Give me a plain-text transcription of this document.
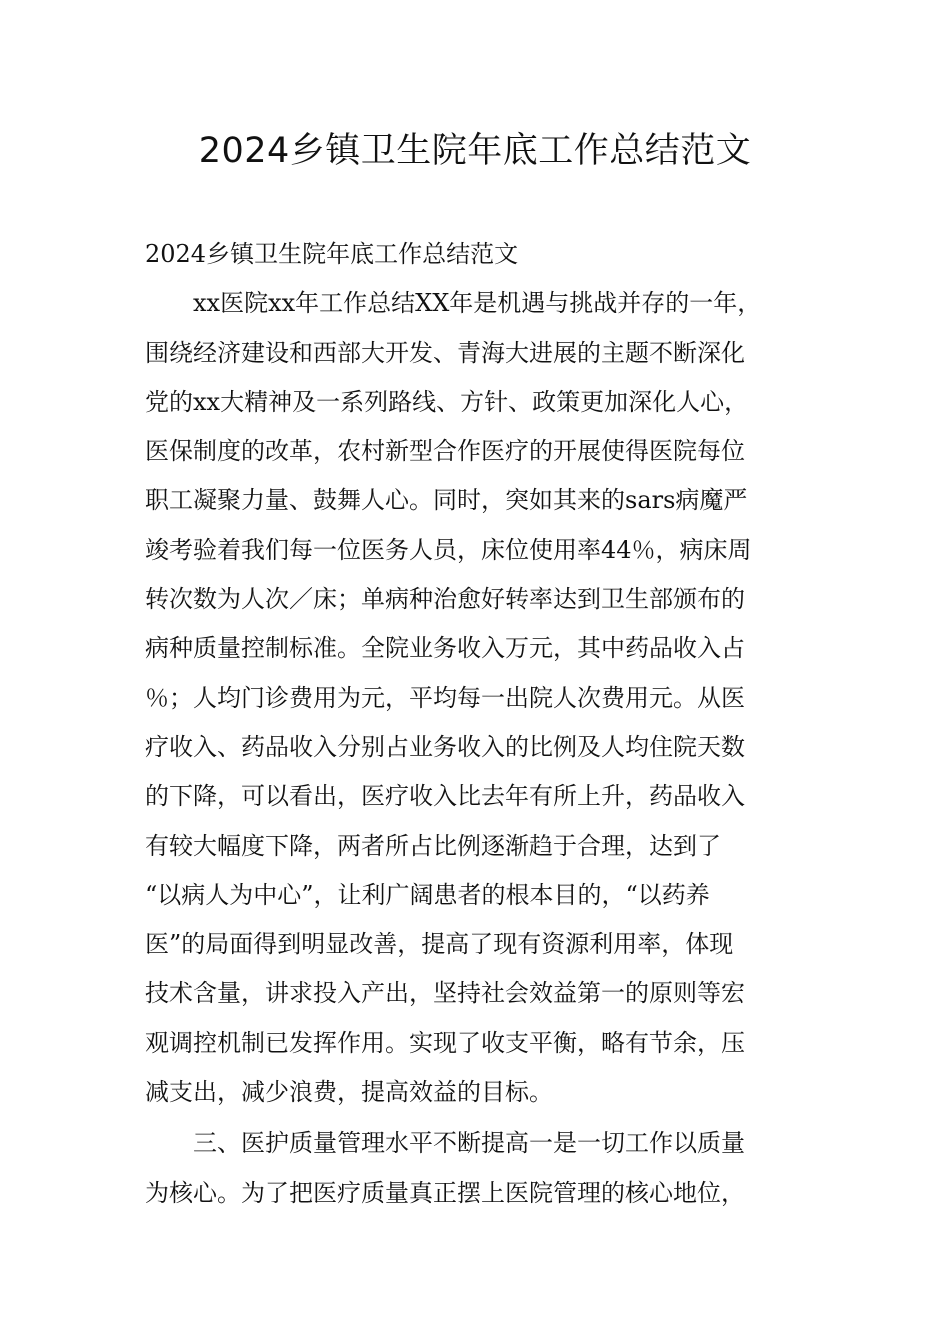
2024乡镇卫生院年底工作总结范文
2024乡镇卫生院年底工作总结范文
xx医院xx年工作总结XX年是机遇与挑战并存的一年，
围绕经济建设和西部大开发、青海大进展的主题不断深化
党的xx大精神及一系列路线、方针、政策更加深化人心，
医保制度的改革，农村新型合作医疗的开展使得医院每位
职工凝聚力量、鼓舞人心。同时，突如其来的sars病魔严
竣考验着我们每一位医务人员，床位使用率44％，病床周
转次数为人次／床；单病种治愈好转率达到卫生部颁布的
病种质量控制标准。全院业务收入万元，其中药品收入占
％；人均门诊费用为元，平均每一出院人次费用元。从医
疗收入、药品收入分别占业务收入的比例及人均住院天数
的下降，可以看出，医疗收入比去年有所上升，药品收入
有较大幅度下降，两者所占比例逐渐趋于合理，达到了
“以病人为中心”，让利广阔患者的根本目的，“以药养
医”的局面得到明显改善，提高了现有资源利用率，体现
技术含量，讲求投入产出，坚持社会效益第一的原则等宏
观调控机制已发挥作用。实现了收支平衡，略有节余，压
减支出，减少浪费，提高效益的目标。
三、医护质量管理水平不断提高一是一切工作以质量
为核心。为了把医疗质量真正摆上医院管理的核心地位，
